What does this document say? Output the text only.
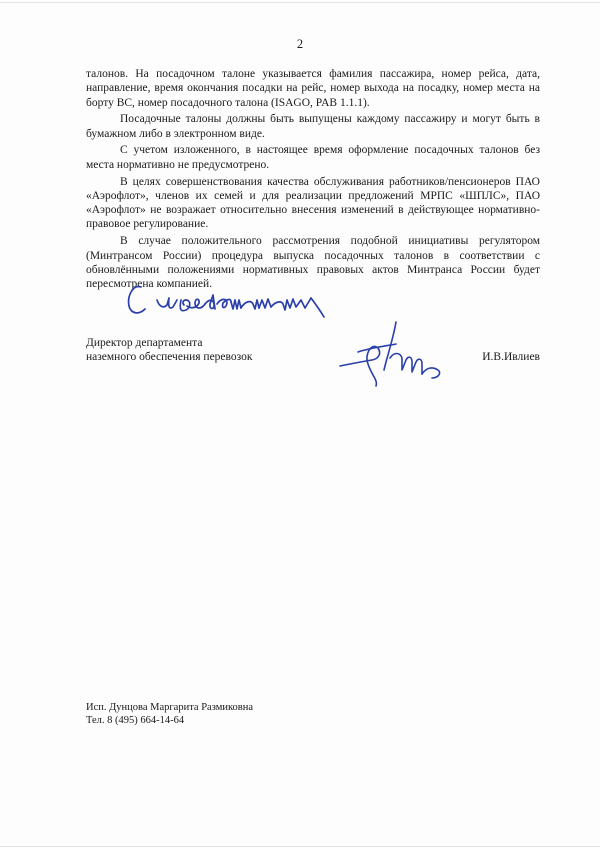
2

талонов. На посадочном талоне указывается фамилия пассажира, номер рейса, дата, направление, время окончания посадки на рейс, номер выхода на посадку, номер места на борту ВС, номер посадочного талона (ISAGO, PAB 1.1.1).

Посадочные талоны должны быть выпущены каждому пассажиру и могут быть в бумажном либо в электронном виде.

С учетом изложенного, в настоящее время оформление посадочных талонов без места нормативно не предусмотрено.

В целях совершенствования качества обслуживания работников/пенсионеров ПАО «Аэрофлот», членов их семей и для реализации предложений МРПС «ШПЛС», ПАО «Аэрофлот» не возражает относительно внесения изменений в действующее нормативно-правовое регулирование.

В случае положительного рассмотрения подобной инициативы регулятором (Минтрансом России) процедура выпуска посадочных талонов в соответствии с обновлёнными положениями нормативных правовых актов Минтранса России будет пересмотрена компанией.

Директор департамента
наземного обеспечения перевозок	И.В.Ивлиев
Исп. Дунцова Маргарита Размиковна
Тел. 8 (495) 664-14-64
